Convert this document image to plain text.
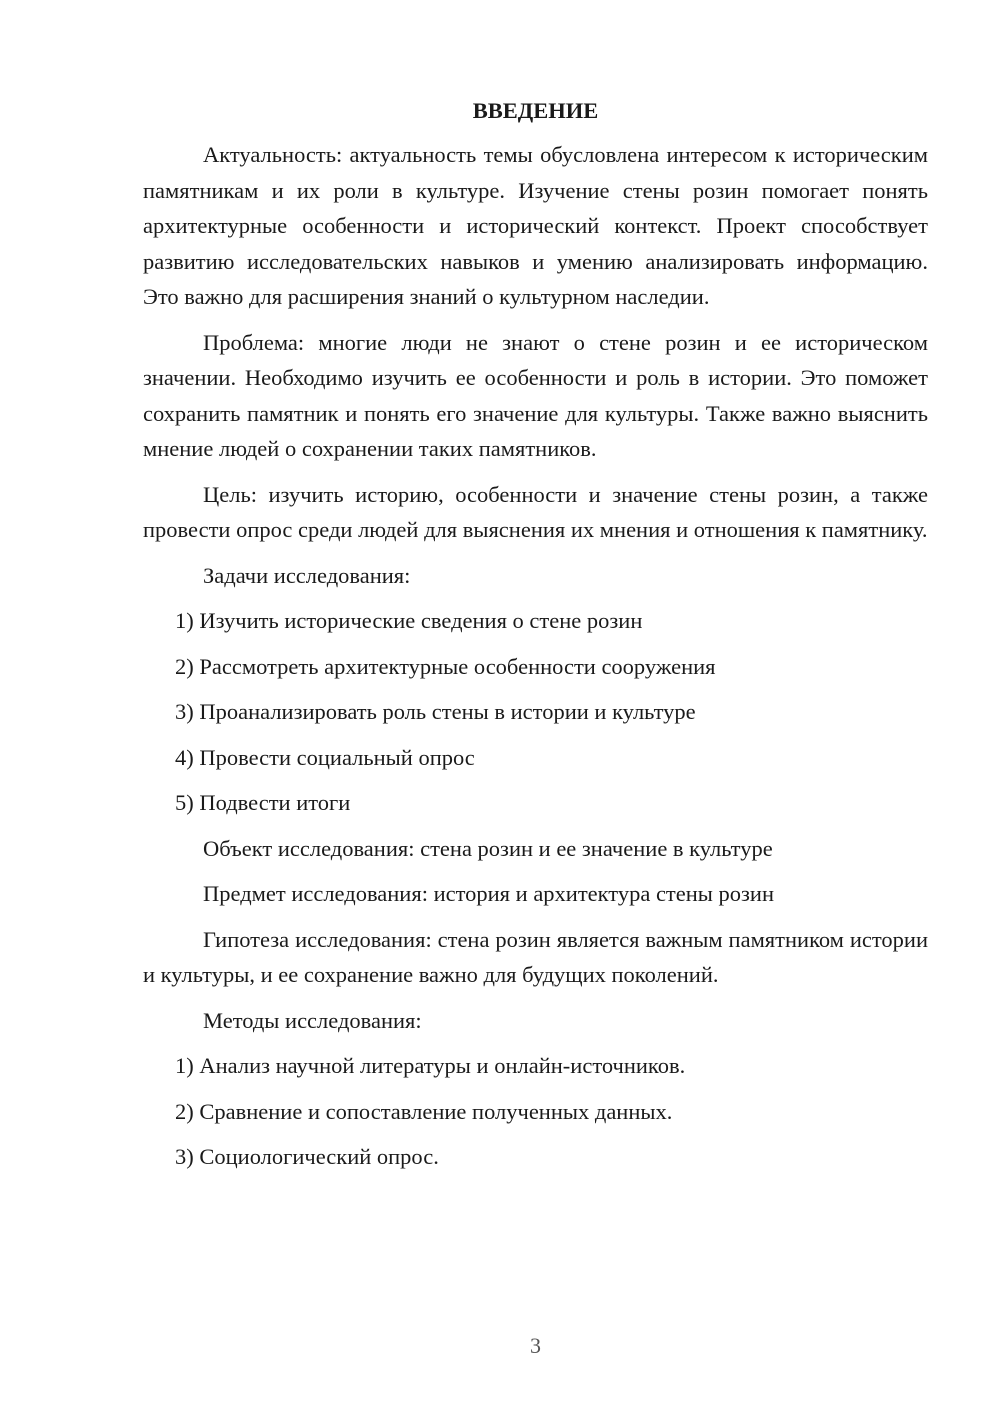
ВВЕДЕНИЕ

Актуальность: актуальность темы обусловлена интересом к историческим памятникам и их роли в культуре. Изучение стены розин помогает понять архитектурные особенности и исторический контекст. Проект способствует развитию исследовательских навыков и умению анализировать информацию. Это важно для расширения знаний о культурном наследии.

Проблема: многие люди не знают о стене розин и ее историческом значении. Необходимо изучить ее особенности и роль в истории. Это поможет сохранить памятник и понять его значение для культуры. Также важно выяснить мнение людей о сохранении таких памятников.

Цель: изучить историю, особенности и значение стены розин, а также провести опрос среди людей для выяснения их мнения и отношения к памятнику.

Задачи исследования:

1) Изучить исторические сведения о стене розин

2) Рассмотреть архитектурные особенности сооружения

3) Проанализировать роль стены в истории и культуре

4) Провести социальный опрос

5) Подвести итоги

Объект исследования: стена розин и ее значение в культуре

Предмет исследования: история и архитектура стены розин

Гипотеза исследования: стена розин является важным памятником истории и культуры, и ее сохранение важно для будущих поколений.

Методы исследования:

1) Анализ научной литературы и онлайн-источников.

2) Сравнение и сопоставление полученных данных.

3) Социологический опрос.

3
